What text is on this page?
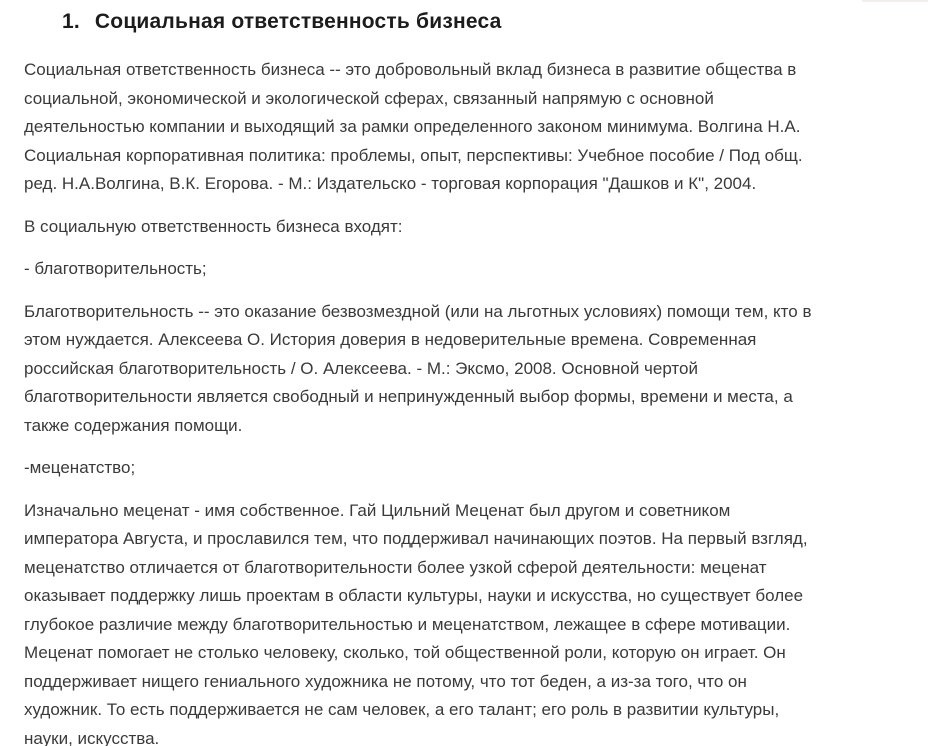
1. Социальная ответственность бизнеса

Социальная ответственность бизнеса -- это добровольный вклад бизнеса в развитие общества в
социальной, экономической и экологической сферах, связанный напрямую с основной
деятельностью компании и выходящий за рамки определенного законом минимума. Волгина Н.А.
Социальная корпоративная политика: проблемы, опыт, перспективы: Учебное пособие / Под общ.
ред. Н.А.Волгина, В.К. Егорова. - М.: Издательско - торговая корпорация "Дашков и К", 2004.

В социальную ответственность бизнеса входят:

- благотворительность;

Благотворительность -- это оказание безвозмездной (или на льготных условиях) помощи тем, кто в
этом нуждается. Алексеева О. История доверия в недоверительные времена. Современная
российская благотворительность / О. Алексеева. - М.: Эксмо, 2008. Основной чертой
благотворительности является свободный и непринужденный выбор формы, времени и места, а
также содержания помощи.

-меценатство;

Изначально меценат - имя собственное. Гай Цильний Меценат был другом и советником
императора Августа, и прославился тем, что поддерживал начинающих поэтов. На первый взгляд,
меценатство отличается от благотворительности более узкой сферой деятельности: меценат
оказывает поддержку лишь проектам в области культуры, науки и искусства, но существует более
глубокое различие между благотворительностью и меценатством, лежащее в сфере мотивации.
Меценат помогает не столько человеку, сколько, той общественной роли, которую он играет. Он
поддерживает нищего гениального художника не потому, что тот беден, а из-за того, что он
художник. То есть поддерживается не сам человек, а его талант; его роль в развитии культуры,
науки, искусства.
